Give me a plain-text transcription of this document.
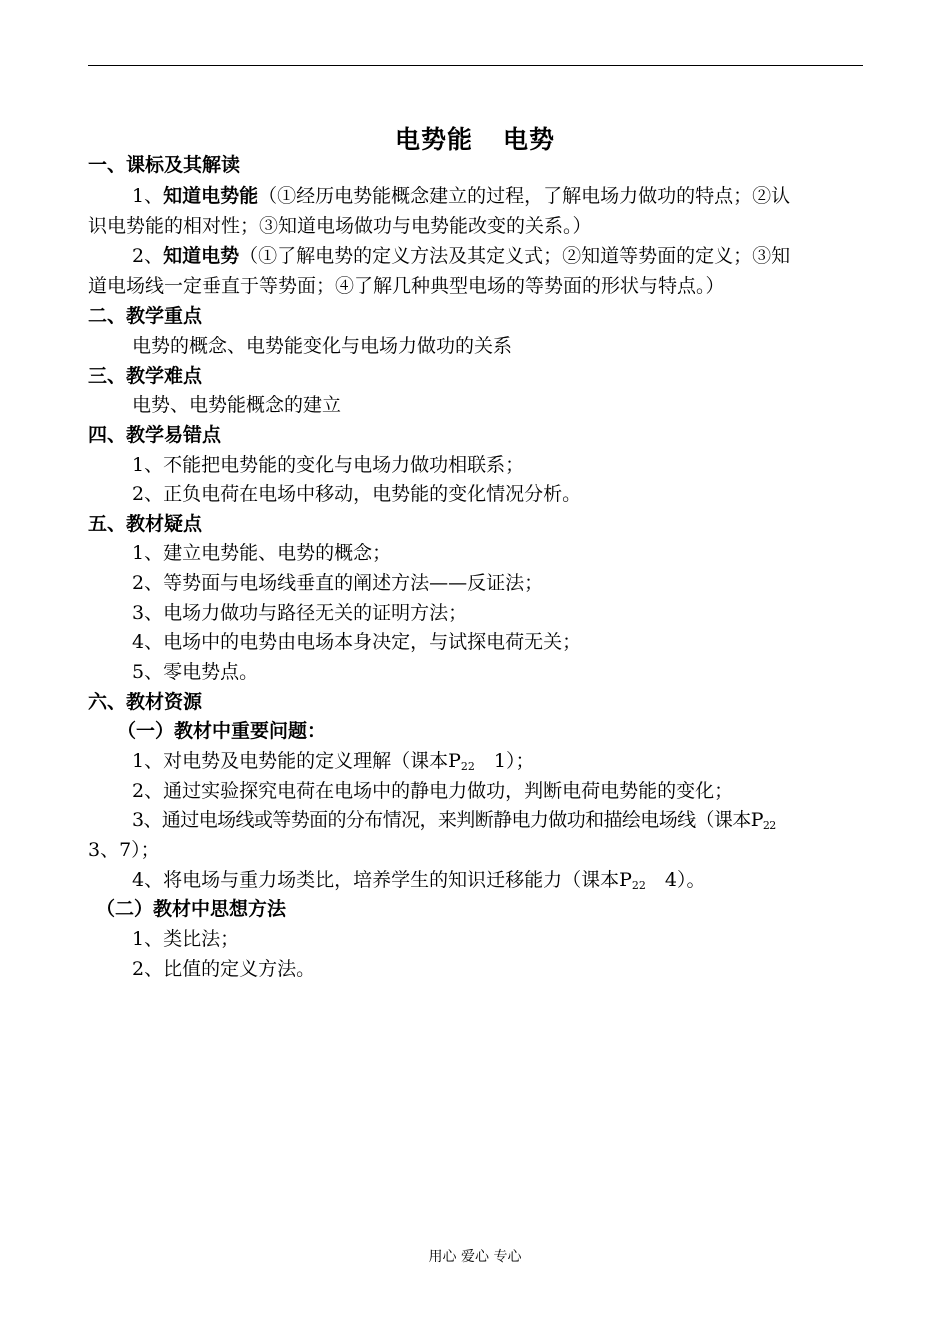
电势能 电势
一、课标及其解读
1、知道电势能（①经历电势能概念建立的过程，了解电场力做功的特点；②认
识电势能的相对性；③知道电场做功与电势能改变的关系。）
2、知道电势（①了解电势的定义方法及其定义式；②知道等势面的定义；③知
道电场线一定垂直于等势面；④了解几种典型电场的等势面的形状与特点。）
二、教学重点
电势的概念、电势能变化与电场力做功的关系
三、教学难点
电势、电势能概念的建立
四、教学易错点
1、不能把电势能的变化与电场力做功相联系；
2、正负电荷在电场中移动，电势能的变化情况分析。
五、教材疑点
1、建立电势能、电势的概念；
2、等势面与电场线垂直的阐述方法——反证法；
3、电场力做功与路径无关的证明方法；
4、电场中的电势由电场本身决定，与试探电荷无关；
5、零电势点。
六、教材资源
（一）教材中重要问题：
1、对电势及电势能的定义理解（课本$P_{22}$　1）；
2、通过实验探究电荷在电场中的静电力做功，判断电荷电势能的变化；
3、通过电场线或等势面的分布情况，来判断静电力做功和描绘电场线（课本$P_{22}$
3、7）；
4、将电场与重力场类比，培养学生的知识迁移能力（课本$P_{22}$　4）。
（二）教材中思想方法
1、类比法；
2、比值的定义方法。
用心 爱心 专心
